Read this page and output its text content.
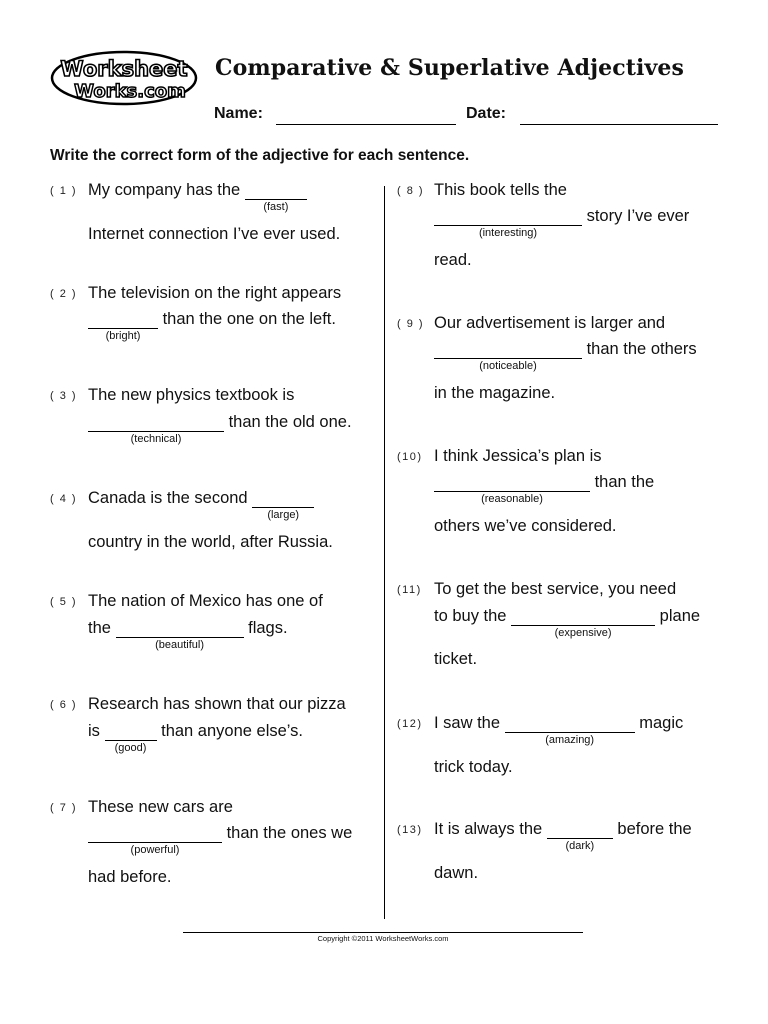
Worksheet
Works.com
Comparative & Superlative Adjectives
Name:	Date:
Write the correct form of the adjective for each sentence.
( 1 ) My company has the
(fast)
Internet connection I’ve ever used.
( 2 ) The television on the right appears
(bright)
than the one on the left.
( 3 ) The new physics textbook is
(technical)
than the old one.
( 4 ) Canada is the second
(large)
country in the world, after Russia.
( 5 ) The nation of Mexico has one of
the
(beautiful)
flags.
( 6 ) Research has shown that our pizza
is
(good)
than anyone else’s.
( 7 ) These new cars are
(powerful)
than the ones we
had before.
( 8 ) This book tells the
(interesting)
story I’ve ever
read.
( 9 ) Our advertisement is larger and
(noticeable)
than the others
in the magazine.
(10) I think Jessica’s plan is
(reasonable)
than the
others we’ve considered.
(11) To get the best service, you need
to buy the
(expensive)
plane
ticket.
(12) I saw the
(amazing)
magic
trick today.
(13) It is always the
(dark)
before the
dawn.
Copyright ©2011 WorksheetWorks.com
